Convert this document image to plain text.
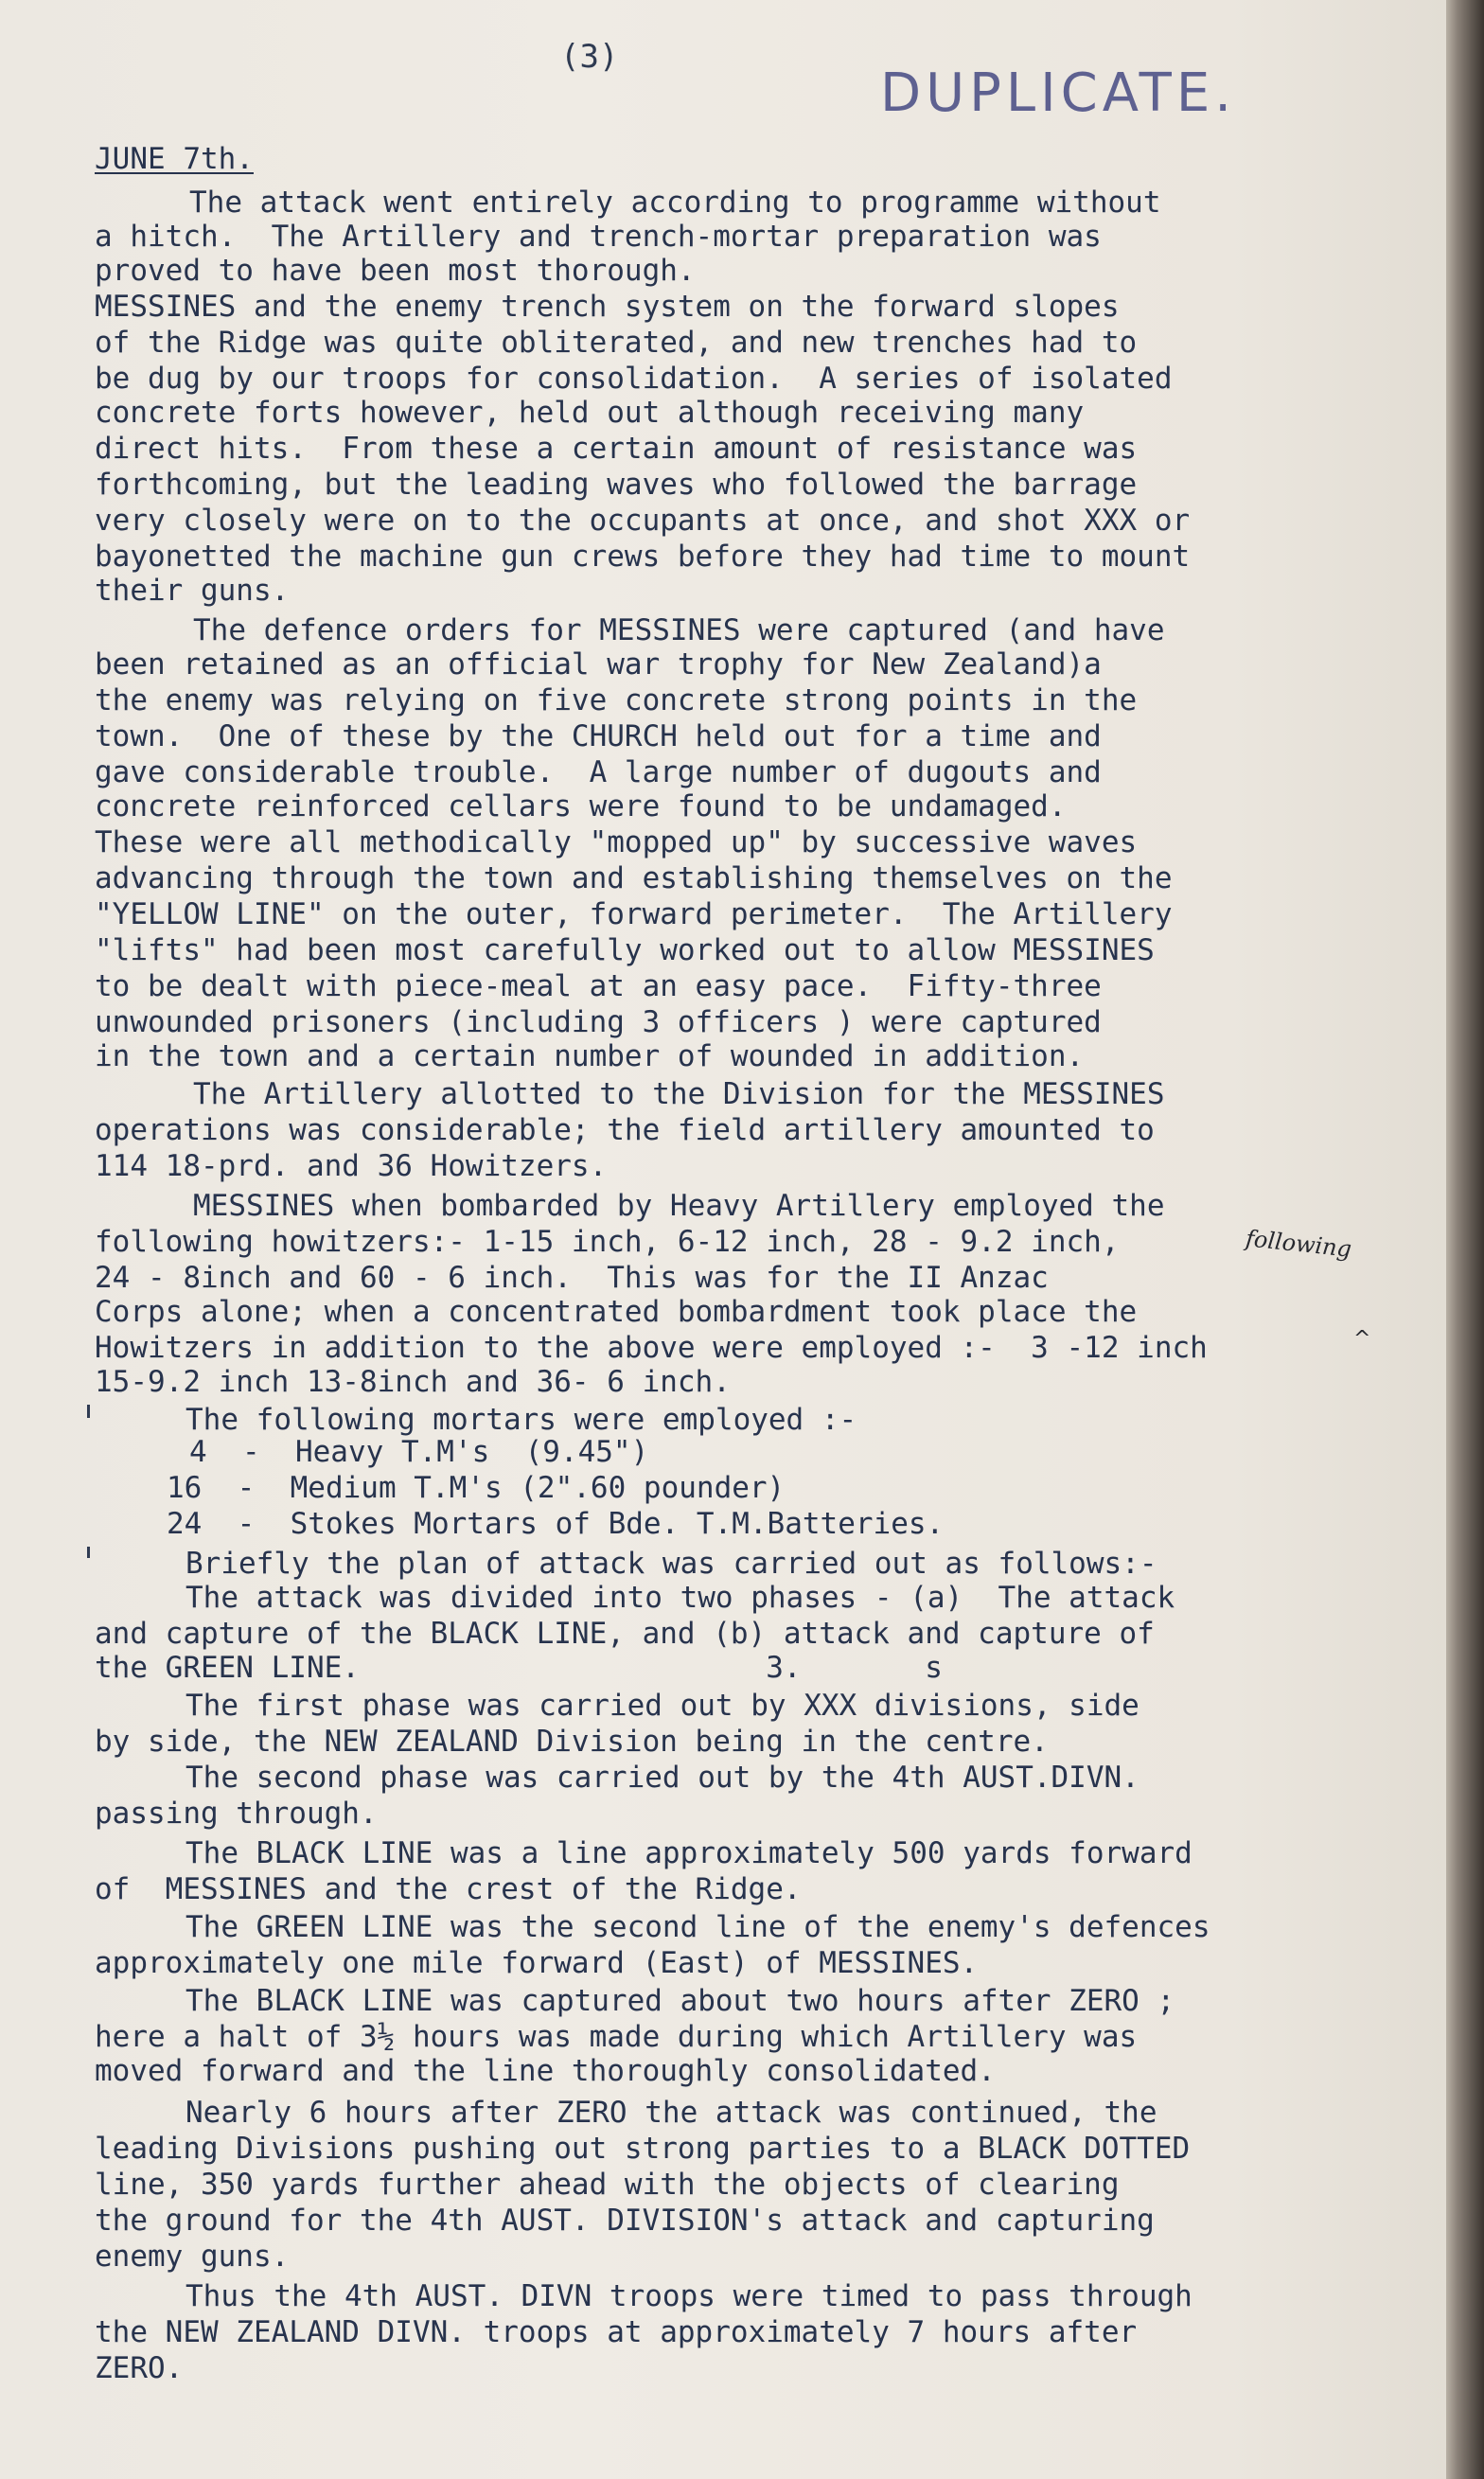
(3)
DUPLICATE.
JUNE 7th.
The attack went entirely according to programme without
a hitch.  The Artillery and trench-mortar preparation was
proved to have been most thorough.
MESSINES and the enemy trench system on the forward slopes
of the Ridge was quite obliterated, and new trenches had to
be dug by our troops for consolidation.  A series of isolated
concrete forts however, held out although receiving many
direct hits.  From these a certain amount of resistance was
forthcoming, but the leading waves who followed the barrage
very closely were on to the occupants at once, and shot XXX or
bayonetted the machine gun crews before they had time to mount
their guns.
The defence orders for MESSINES were captured (and have
been retained as an official war trophy for New Zealand)a
the enemy was relying on five concrete strong points in the
town.  One of these by the CHURCH held out for a time and
gave considerable trouble.  A large number of dugouts and
concrete reinforced cellars were found to be undamaged.
These were all methodically "mopped up" by successive waves
advancing through the town and establishing themselves on the
"YELLOW LINE" on the outer, forward perimeter.  The Artillery
"lifts" had been most carefully worked out to allow MESSINES
to be dealt with piece-meal at an easy pace.  Fifty-three
unwounded prisoners (including 3 officers ) were captured
in the town and a certain number of wounded in addition.
The Artillery allotted to the Division for the MESSINES
operations was considerable; the field artillery amounted to
114 18-prd. and 36 Howitzers.
MESSINES when bombarded by Heavy Artillery employed the
following howitzers:- 1-15 inch, 6-12 inch, 28 - 9.2 inch,
24 - 8inch and 60 - 6 inch.  This was for the II Anzac
Corps alone; when a concentrated bombardment took place the
Howitzers in addition to the above were employed :-  3 -12 inch
15-9.2 inch 13-8inch and 36- 6 inch.
The following mortars were employed :-
4  -  Heavy T.M's  (9.45")
16  -  Medium T.M's (2".60 pounder)
24  -  Stokes Mortars of Bde. T.M.Batteries.
Briefly the plan of attack was carried out as follows:-
The attack was divided into two phases - (a)  The attack
and capture of the BLACK LINE, and (b) attack and capture of
the GREEN LINE.                       3.       s
The first phase was carried out by XXX divisions, side
by side, the NEW ZEALAND Division being in the centre.
The second phase was carried out by the 4th AUST.DIVN.
passing through.
The BLACK LINE was a line approximately 500 yards forward
of  MESSINES and the crest of the Ridge.
The GREEN LINE was the second line of the enemy's defences
approximately one mile forward (East) of MESSINES.
The BLACK LINE was captured about two hours after ZERO ;
here a halt of 3½ hours was made during which Artillery was
moved forward and the line thoroughly consolidated.
Nearly 6 hours after ZERO the attack was continued, the
leading Divisions pushing out strong parties to a BLACK DOTTED
line, 350 yards further ahead with the objects of clearing
the ground for the 4th AUST. DIVISION's attack and capturing
enemy guns.
Thus the 4th AUST. DIVN troops were timed to pass through
the NEW ZEALAND DIVN. troops at approximately 7 hours after
ZERO.
following
^
